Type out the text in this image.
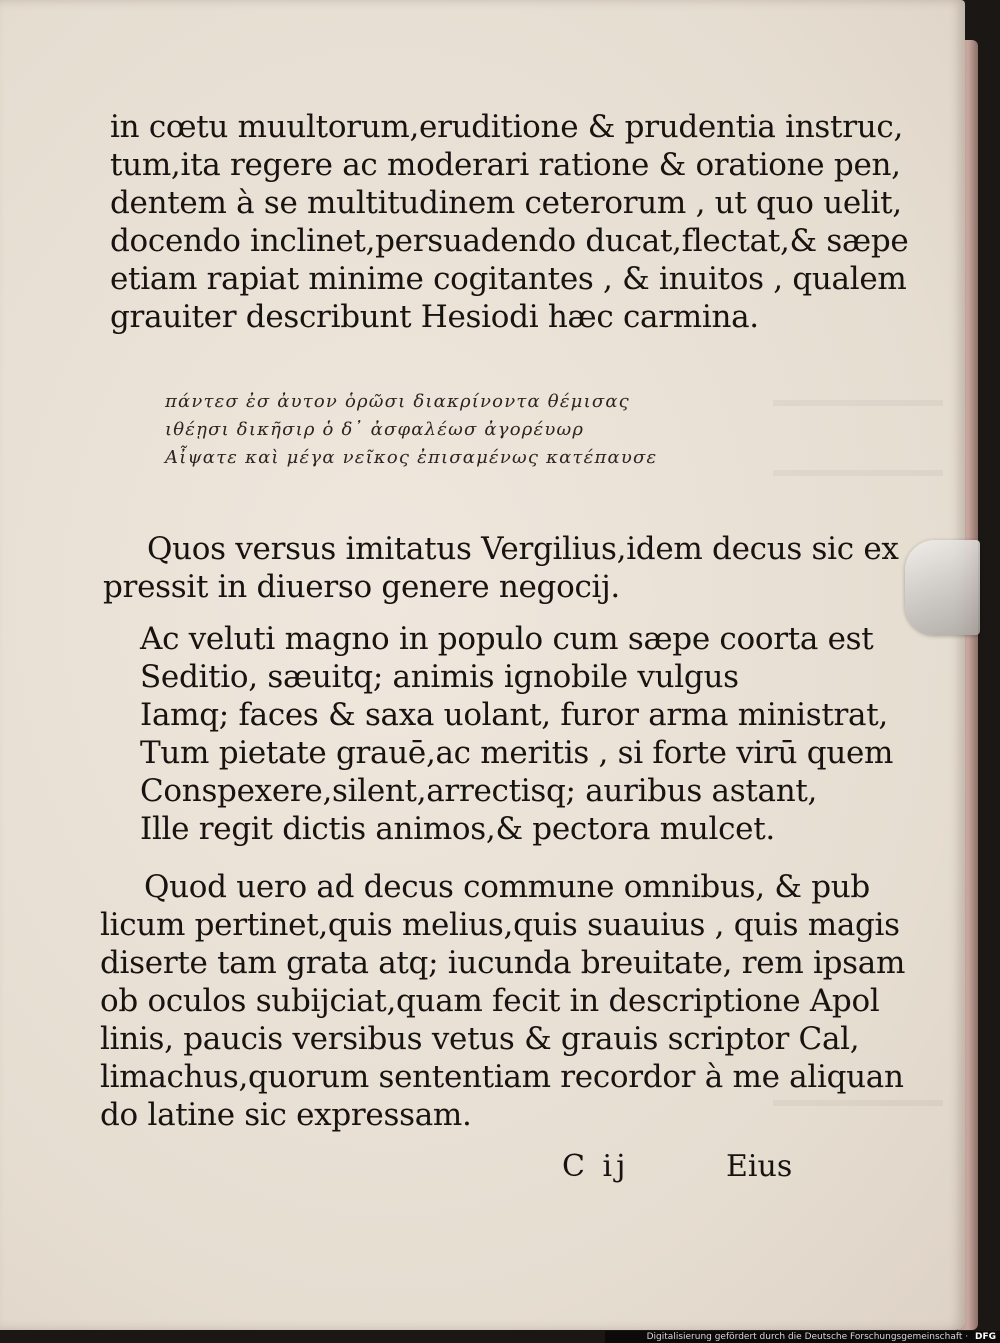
in cœtu muultorum,eruditione & prudentia instruc,
tum,ita regere ac moderari ratione & oratione pen,
dentem à se multitudinem ceterorum , ut quo uelit,
docendo inclinet,persuadendo ducat,flectat,& sæpe
etiam rapiat minime cogitantes , & inuitos , qualem
grauiter describunt Hesiodi hæc carmina.
πάντεσ ἐσ ἀυτον ὁρῶσι διακρίνοντα θέμισας
ιθέῃσι δικῆσιρ ὁ δ᾽ ἀσφαλέωσ ἀγορέυωρ
Αἶψατε καὶ μέγα νεῖκος ἐπισαμένως κατέπαυσε
Quos versus imitatus Vergilius,idem decus sic ex
pressit in diuerso genere negocij.
Ac veluti magno in populo cum sæpe coorta est
Seditio, sæuitq; animis ignobile vulgus
Iamq; faces & saxa uolant, furor arma ministrat,
Tum pietate grauē,ac meritis , si forte virū quem
Conspexere,silent,arrectisq; auribus astant,
Ille regit dictis animos,& pectora mulcet.
Quod uero ad decus commune omnibus, & pub
licum pertinet,quis melius,quis suauius , quis magis
diserte tam grata atq; iucunda breuitate, rem ipsam
ob oculos subijciat,quam fecit in descriptione Apol
linis, paucis versibus vetus & grauis scriptor Cal,
limachus,quorum sententiam recordor à me aliquan
do latine sic expressam.
C ij	Eius
Digitalisierung gefördert durch die Deutsche Forschungsgemeinschaft · DFG
